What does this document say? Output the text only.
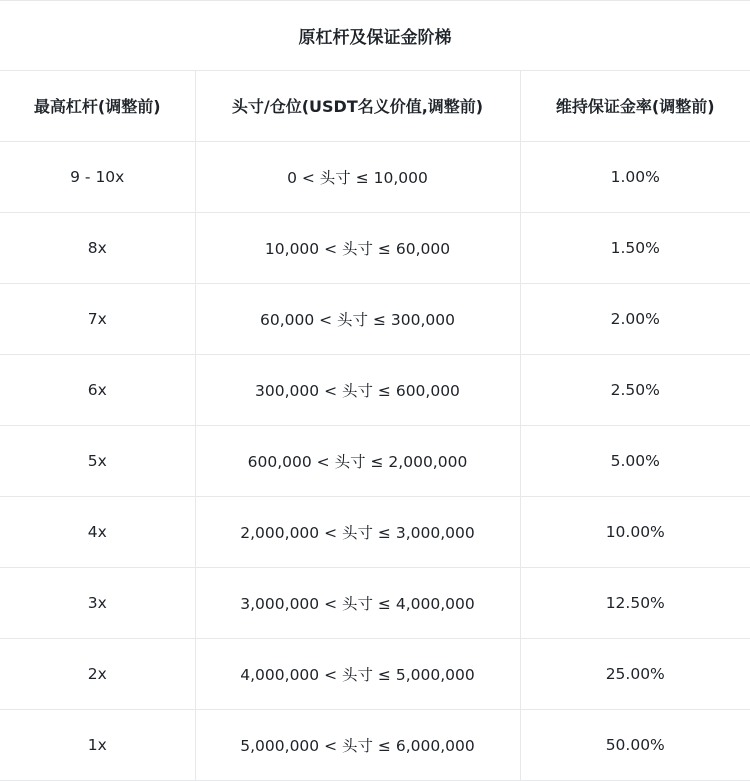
原杠杆及保证金阶梯		
最高杠杆(调整前)	头寸/仓位(USDT名义价值,调整前)	维持保证金率(调整前)
9 - 10x	0 < 头寸 ≤ 10,000	1.00%
8x	10,000 < 头寸 ≤ 60,000	1.50%
7x	60,000 < 头寸 ≤ 300,000	2.00%
6x	300,000 < 头寸 ≤ 600,000	2.50%
5x	600,000 < 头寸 ≤ 2,000,000	5.00%
4x	2,000,000 < 头寸 ≤ 3,000,000	10.00%
3x	3,000,000 < 头寸 ≤ 4,000,000	12.50%
2x	4,000,000 < 头寸 ≤ 5,000,000	25.00%
1x	5,000,000 < 头寸 ≤ 6,000,000	50.00%
